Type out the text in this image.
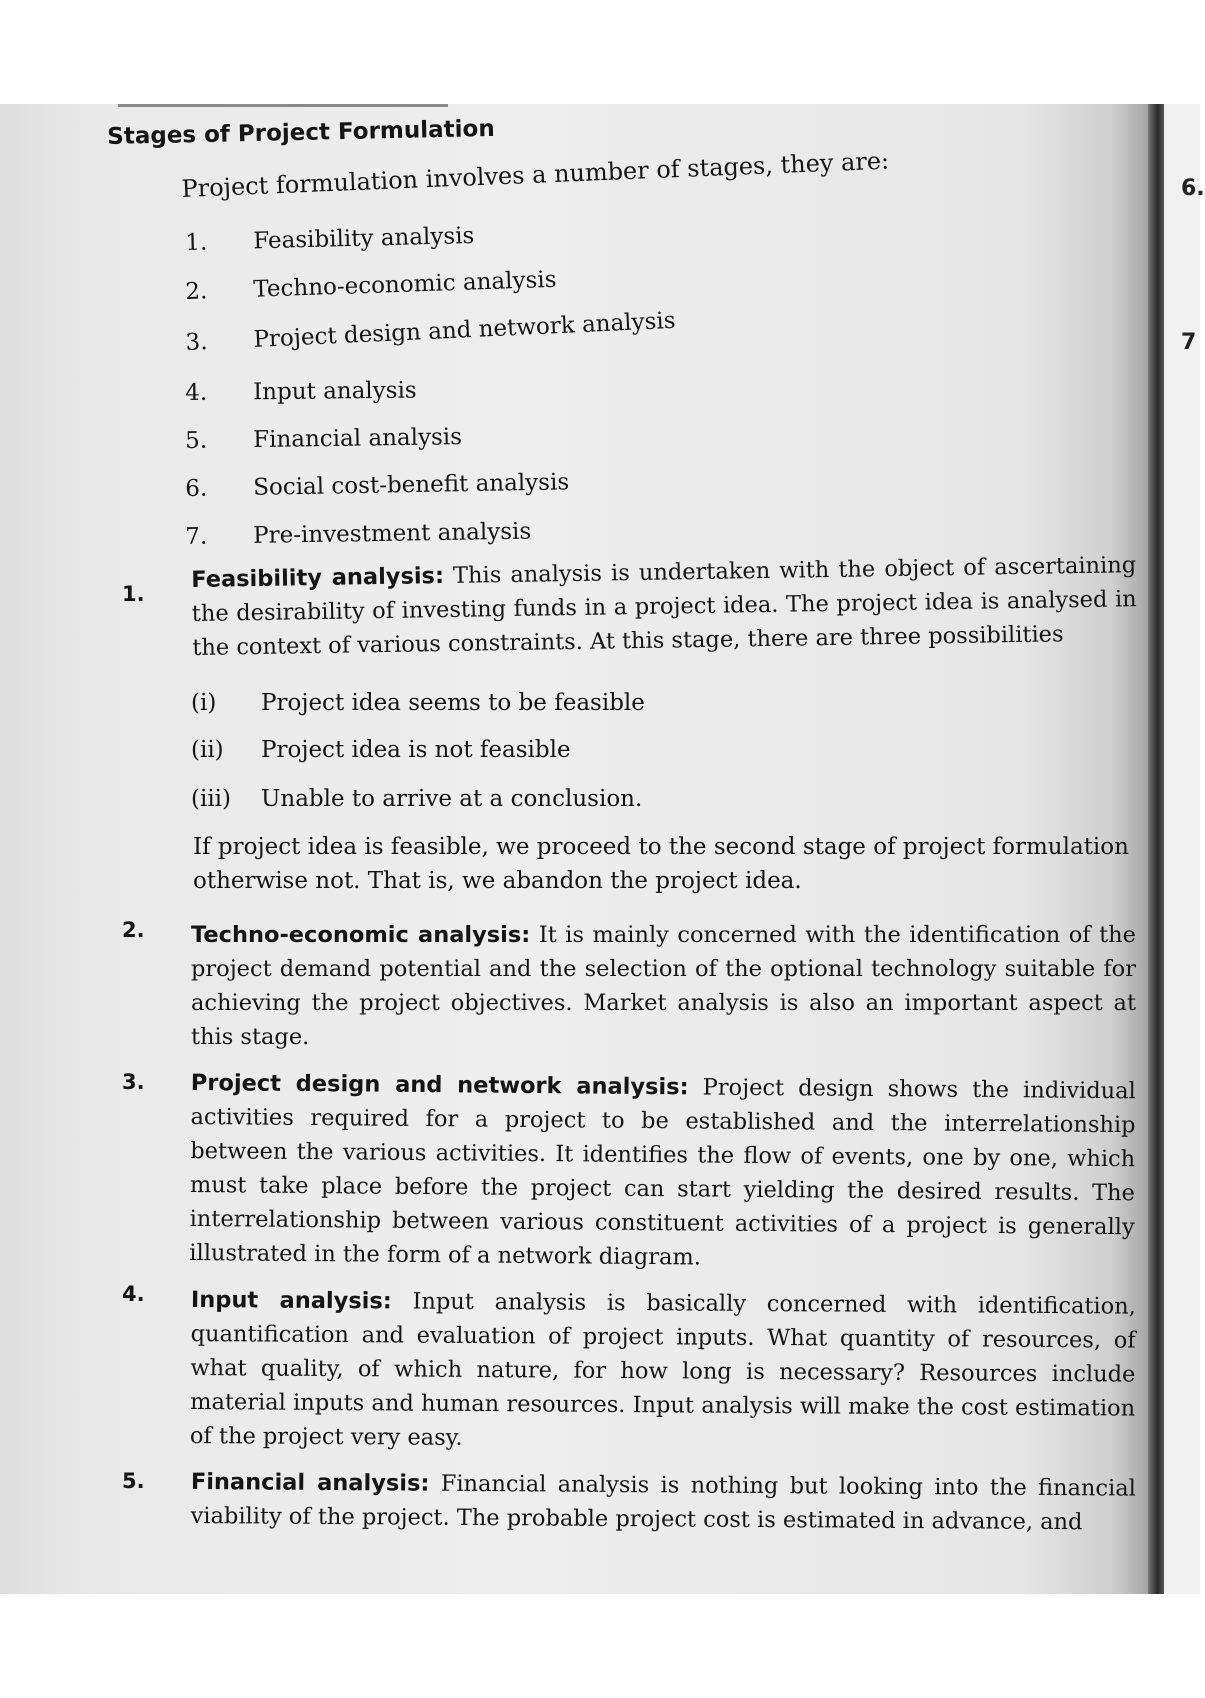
6.
7
Stages of Project Formulation
Project formulation involves a number of stages, they are:
1. Feasibility analysis
2. Techno-economic analysis
3. Project design and network analysis
4. Input analysis
5. Financial analysis
6. Social cost-benefit analysis
7. Pre-investment analysis
1.
Feasibility analysis: This analysis is undertaken with the object of ascertaining the desirability of investing funds in a project idea. The project idea is analysed in the context of various constraints. At this stage, there are three possibilities
(i) Project idea seems to be feasible
(ii) Project idea is not feasible
(iii) Unable to arrive at a conclusion.
If project idea is feasible, we proceed to the second stage of project formulation otherwise not. That is, we abandon the project idea.
2. Techno-economic analysis: It is mainly concerned with the identification of the project demand potential and the selection of the optional technology suitable for achieving the project objectives. Market analysis is also an important aspect at this stage.
3. Project design and network analysis: Project design shows the individual activities required for a project to be established and the interrelationship between the various activities. It identifies the flow of events, one by one, which must take place before the project can start yielding the desired results. The interrelationship between various constituent activities of a project is generally illustrated in the form of a network diagram.
4. Input analysis: Input analysis is basically concerned with identification, quantification and evaluation of project inputs. What quantity of resources, of what quality, of which nature, for how long is necessary? Resources include material inputs and human resources. Input analysis will make the cost estimation of the project very easy.
5. Financial analysis: Financial analysis is nothing but looking into the financial viability of the project. The probable project cost is estimated in advance, and
